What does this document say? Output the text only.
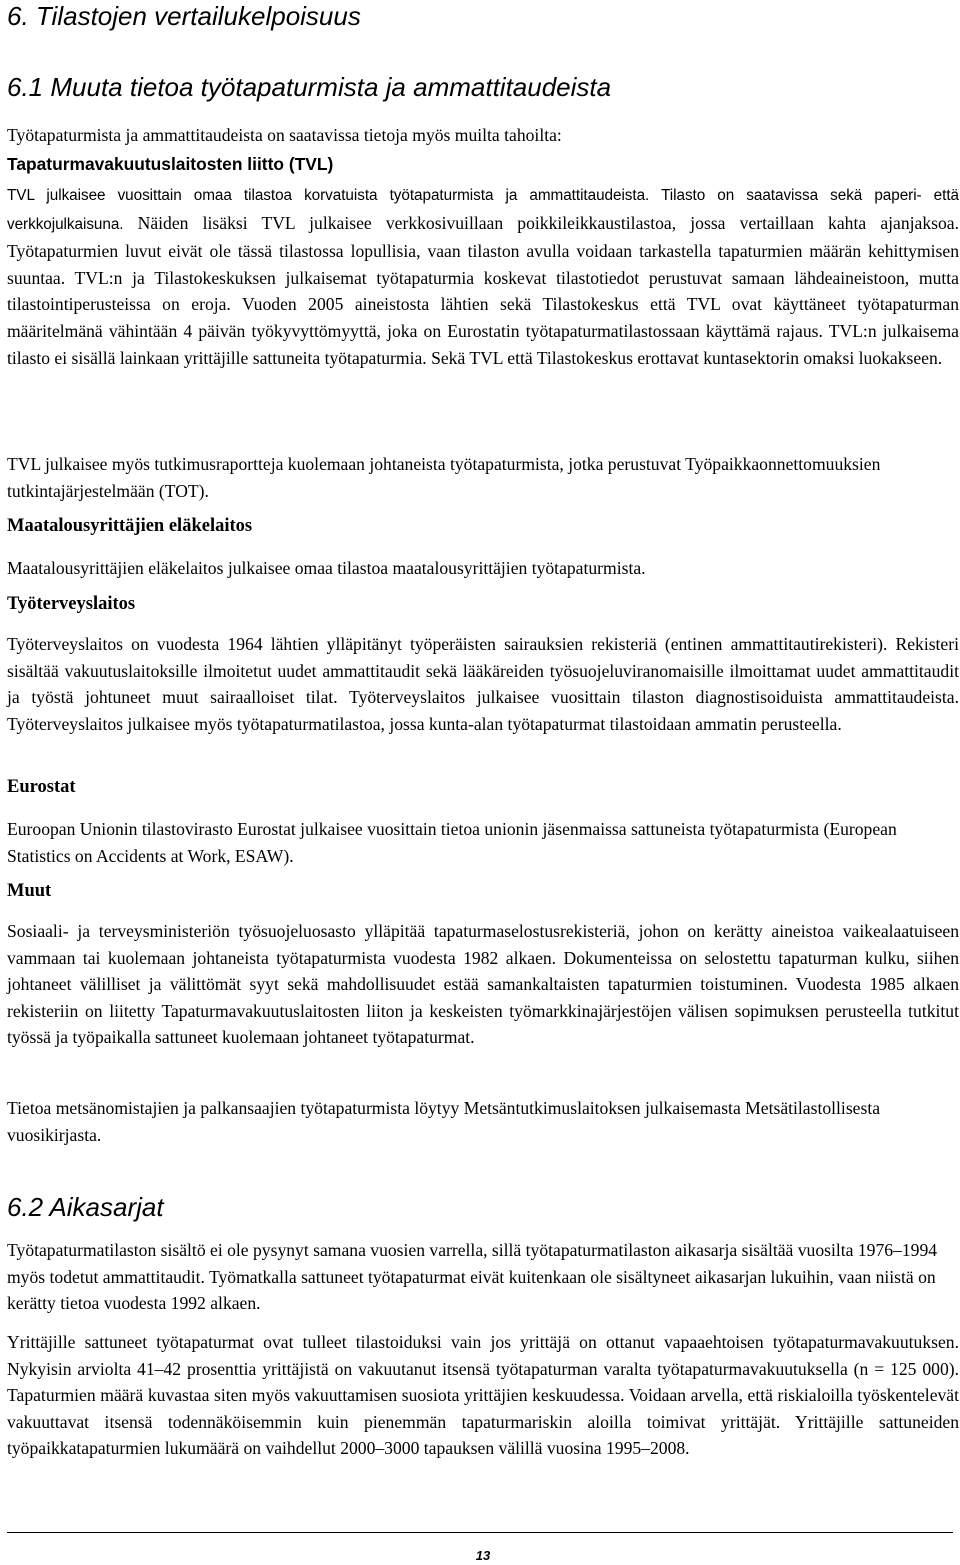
6. Tilastojen vertailukelpoisuus
6.1 Muuta tietoa työtapaturmista ja ammattitaudeista

Työtapaturmista ja ammattitaudeista on saatavissa tietoja myös muilta tahoilta:

Tapaturmavakuutuslaitosten liitto (TVL)

TVL julkaisee vuosittain omaa tilastoa korvatuista työtapaturmista ja ammattitaudeista. Tilasto on saatavissa sekä paperi- että verkkojulkaisuna. Näiden lisäksi TVL julkaisee verkkosivuillaan poikkileikkaustilastoa, jossa vertaillaan kahta ajanjaksoa. Työtapaturmien luvut eivät ole tässä tilastossa lopullisia, vaan tilaston avulla voidaan tarkastella tapaturmien määrän kehittymisen suuntaa. TVL:n ja Tilastokeskuksen julkaisemat työtapaturmia koskevat tilastotiedot perustuvat samaan lähdeaineistoon, mutta tilastointiperusteissa on eroja. Vuoden 2005 aineistosta lähtien sekä Tilastokeskus että TVL ovat käyttäneet työtapaturman määritelmänä vähintään 4 päivän työkyvyttömyyttä, joka on Eurostatin työtapaturmatilastossaan käyttämä rajaus. TVL:n julkaisema tilasto ei sisällä lainkaan yrittäjille sattuneita työtapaturmia. Sekä TVL että Tilastokeskus erottavat kuntasektorin omaksi luokakseen.

TVL julkaisee myös tutkimusraportteja kuolemaan johtaneista työtapaturmista, jotka perustuvat Työpaikkaonnettomuuksien tutkintajärjestelmään (TOT).

Maatalousyrittäjien eläkelaitos

Maatalousyrittäjien eläkelaitos julkaisee omaa tilastoa maatalousyrittäjien työtapaturmista.

Työterveyslaitos

Työterveyslaitos on vuodesta 1964 lähtien ylläpitänyt työperäisten sairauksien rekisteriä (entinen ammattitautirekisteri). Rekisteri sisältää vakuutuslaitoksille ilmoitetut uudet ammattitaudit sekä lääkäreiden työsuojeluviranomaisille ilmoittamat uudet ammattitaudit ja työstä johtuneet muut sairaalloiset tilat. Työterveyslaitos julkaisee vuosittain tilaston diagnostisoiduista ammattitaudeista. Työterveyslaitos julkaisee myös työtapaturmatilastoa, jossa kunta-alan työtapaturmat tilastoidaan ammatin perusteella.

Eurostat

Euroopan Unionin tilastovirasto Eurostat julkaisee vuosittain tietoa unionin jäsenmaissa sattuneista työtapaturmista (European Statistics on Accidents at Work, ESAW).

Muut

Sosiaali- ja terveysministeriön työsuojeluosasto ylläpitää tapaturmaselostusrekisteriä, johon on kerätty aineistoa vaikealaatuiseen vammaan tai kuolemaan johtaneista työtapaturmista vuodesta 1982 alkaen. Dokumenteissa on selostettu tapaturman kulku, siihen johtaneet välilliset ja välittömät syyt sekä mahdollisuudet estää samankaltaisten tapaturmien toistuminen. Vuodesta 1985 alkaen rekisteriin on liitetty Tapaturmavakuutuslaitosten liiton ja keskeisten työmarkkinajärjestöjen välisen sopimuksen perusteella tutkitut työssä ja työpaikalla sattuneet kuolemaan johtaneet työtapaturmat.

Tietoa metsänomistajien ja palkansaajien työtapaturmista löytyy Metsäntutkimuslaitoksen julkaisemasta Metsätilastollisesta vuosikirjasta.

6.2 Aikasarjat

Työtapaturmatilaston sisältö ei ole pysynyt samana vuosien varrella, sillä työtapaturmatilaston aikasarja sisältää vuosilta 1976–1994 myös todetut ammattitaudit. Työmatkalla sattuneet työtapaturmat eivät kuitenkaan ole sisältyneet aikasarjan lukuihin, vaan niistä on kerätty tietoa vuodesta 1992 alkaen.

Yrittäjille sattuneet työtapaturmat ovat tulleet tilastoiduksi vain jos yrittäjä on ottanut vapaaehtoisen työtapaturmavakuutuksen. Nykyisin arviolta 41–42 prosenttia yrittäjistä on vakuutanut itsensä työtapaturman varalta työtapaturmavakuutuksella (n = 125 000). Tapaturmien määrä kuvastaa siten myös vakuuttamisen suosiota yrittäjien keskuudessa. Voidaan arvella, että riskialoilla työskentelevät vakuuttavat itsensä todennäköisemmin kuin pienemmän tapaturmariskin aloilla toimivat yrittäjät. Yrittäjille sattuneiden työpaikkatapaturmien lukumäärä on vaihdellut 2000–3000 tapauksen välillä vuosina 1995–2008.

13
